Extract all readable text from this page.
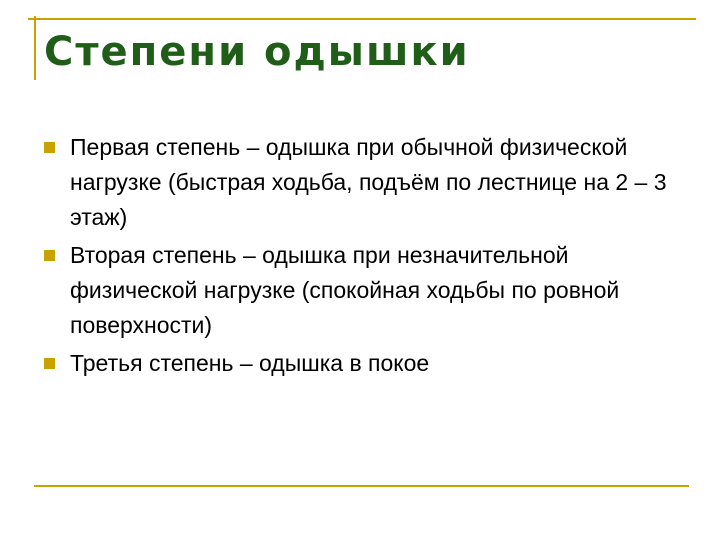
Степени одышки
Первая степень – одышка при обычной физической нагрузке (быстрая ходьба, подъём по лестнице на 2 – 3 этаж)
Вторая степень – одышка при незначительной физической нагрузке (спокойная ходьбы по ровной поверхности)
Третья степень – одышка в покое
